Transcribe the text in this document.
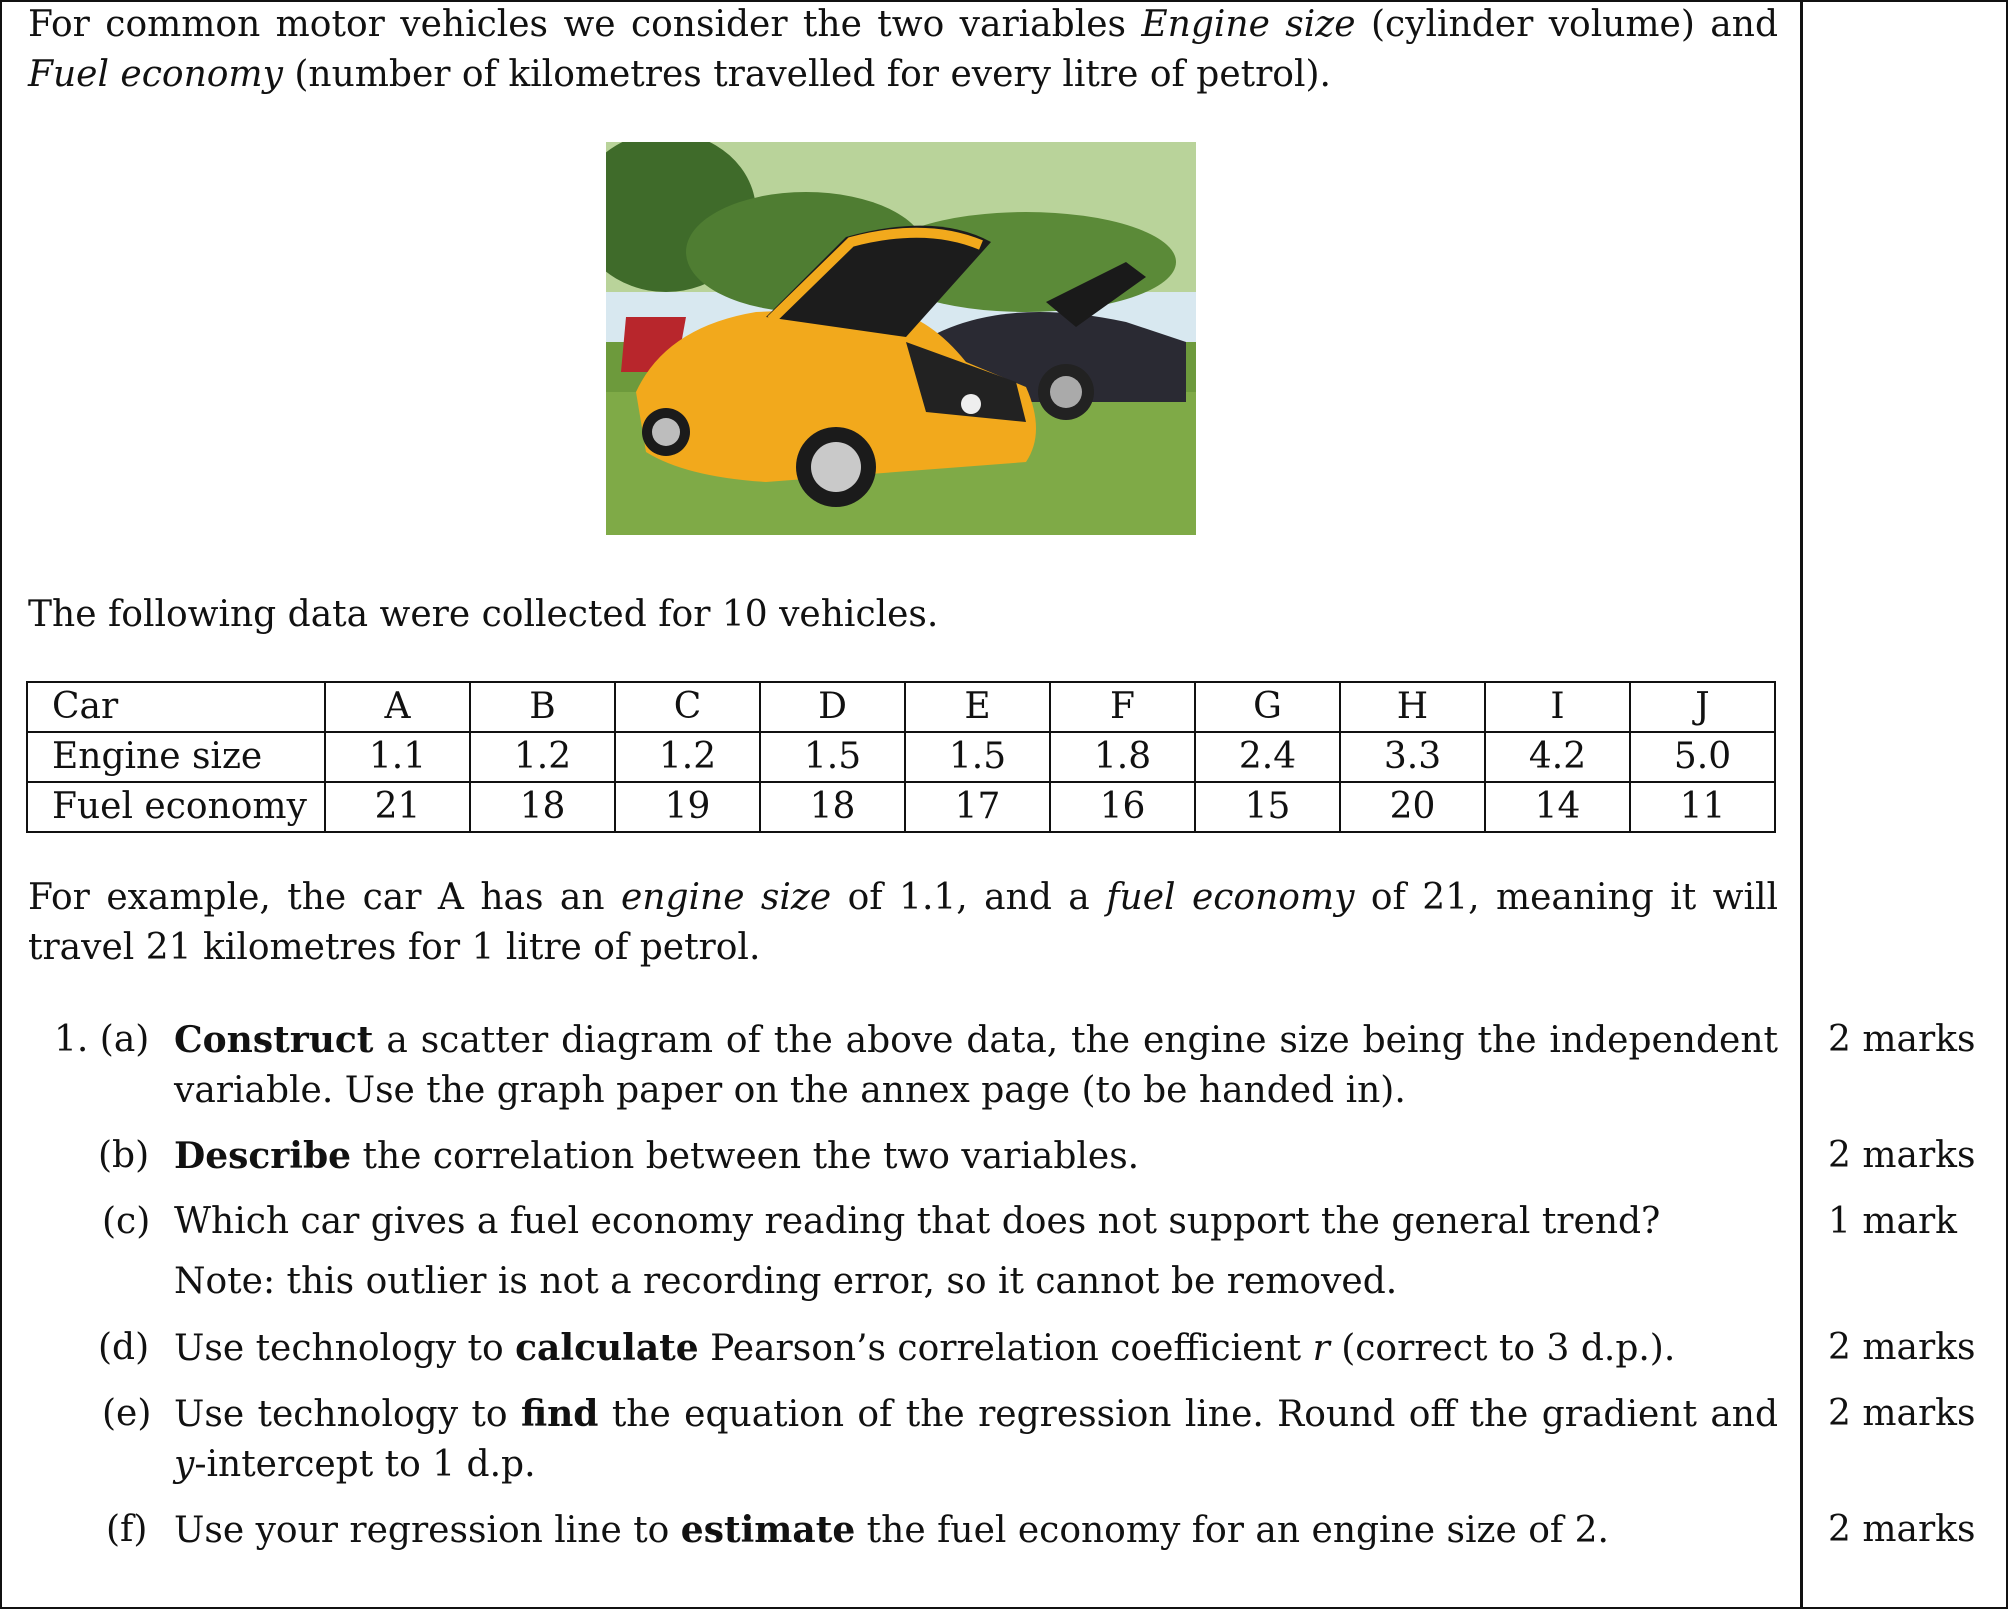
For common motor vehicles we consider the two variables Engine size (cylinder volume) and Fuel economy (number of kilometres travelled for every litre of petrol).
The following data were collected for 10 vehicles.
Car	A	B	C	D	E	F	G	H	I	J
Engine size	1.1	1.2	1.2	1.5	1.5	1.8	2.4	3.3	4.2	5.0
Fuel economy	21	18	19	18	17	16	15	20	14	11
For example, the car A has an engine size of 1.1, and a fuel economy of 21, meaning it will travel 21 kilometres for 1 litre of petrol.
1. (a) Construct a scatter diagram of the above data, the engine size being the independent variable. Use the graph paper on the annex page (to be handed in).
2 marks
(b) Describe the correlation between the two variables.	2 marks
(c) Which car gives a fuel economy reading that does not support the general trend?
Note: this outlier is not a recording error, so it cannot be removed.
1 mark
(d) Use technology to calculate Pearson’s correlation coefficient r (correct to 3 d.p.).	2 marks
(e) Use technology to find the equation of the regression line. Round off the gradient and y-intercept to 1 d.p.
2 marks
(f) Use your regression line to estimate the fuel economy for an engine size of 2.	2 marks
